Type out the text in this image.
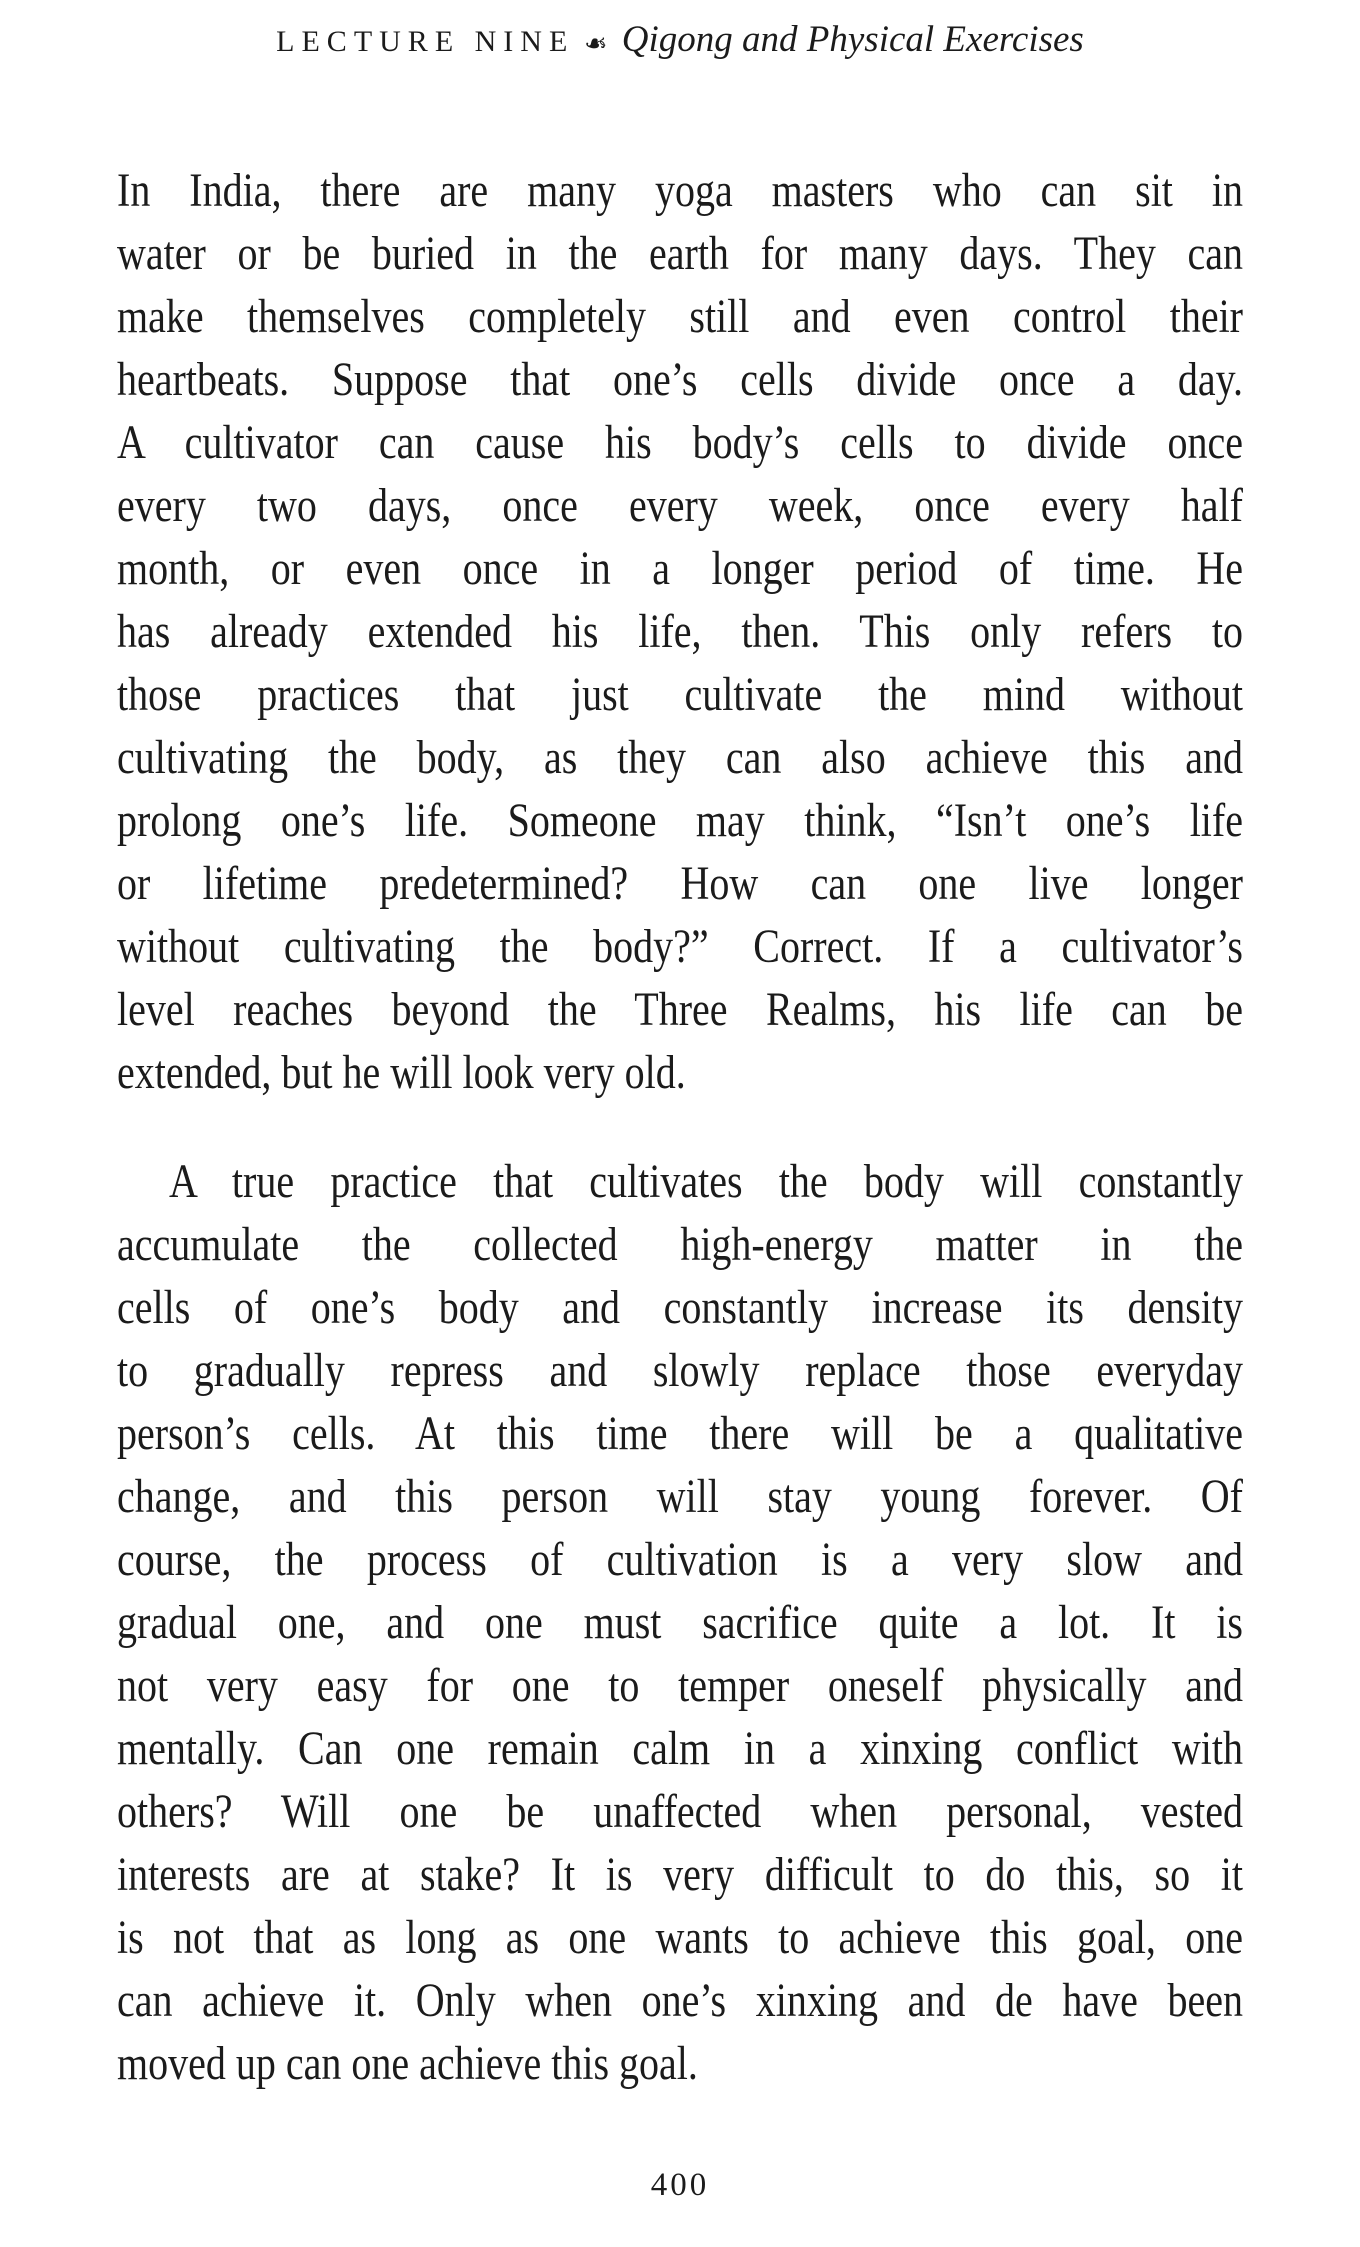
LECTURE NINE ❧ Qigong and Physical Exercises
In India, there are many yoga masters who can sit in
water or be buried in the earth for many days. They can
make themselves completely still and even control their
heartbeats. Suppose that one’s cells divide once a day.
A cultivator can cause his body’s cells to divide once
every two days, once every week, once every half
month, or even once in a longer period of time. He
has already extended his life, then. This only refers to
those practices that just cultivate the mind without
cultivating the body, as they can also achieve this and
prolong one’s life. Someone may think, “Isn’t one’s life
or lifetime predetermined? How can one live longer
without cultivating the body?” Correct. If a cultivator’s
level reaches beyond the Three Realms, his life can be
extended, but he will look very old.
A true practice that cultivates the body will constantly
accumulate the collected high-energy matter in the
cells of one’s body and constantly increase its density
to gradually repress and slowly replace those everyday
person’s cells. At this time there will be a qualitative
change, and this person will stay young forever. Of
course, the process of cultivation is a very slow and
gradual one, and one must sacrifice quite a lot. It is
not very easy for one to temper oneself physically and
mentally. Can one remain calm in a xinxing conflict with
others? Will one be unaffected when personal, vested
interests are at stake? It is very difficult to do this, so it
is not that as long as one wants to achieve this goal, one
can achieve it. Only when one’s xinxing and de have been
moved up can one achieve this goal.
400
